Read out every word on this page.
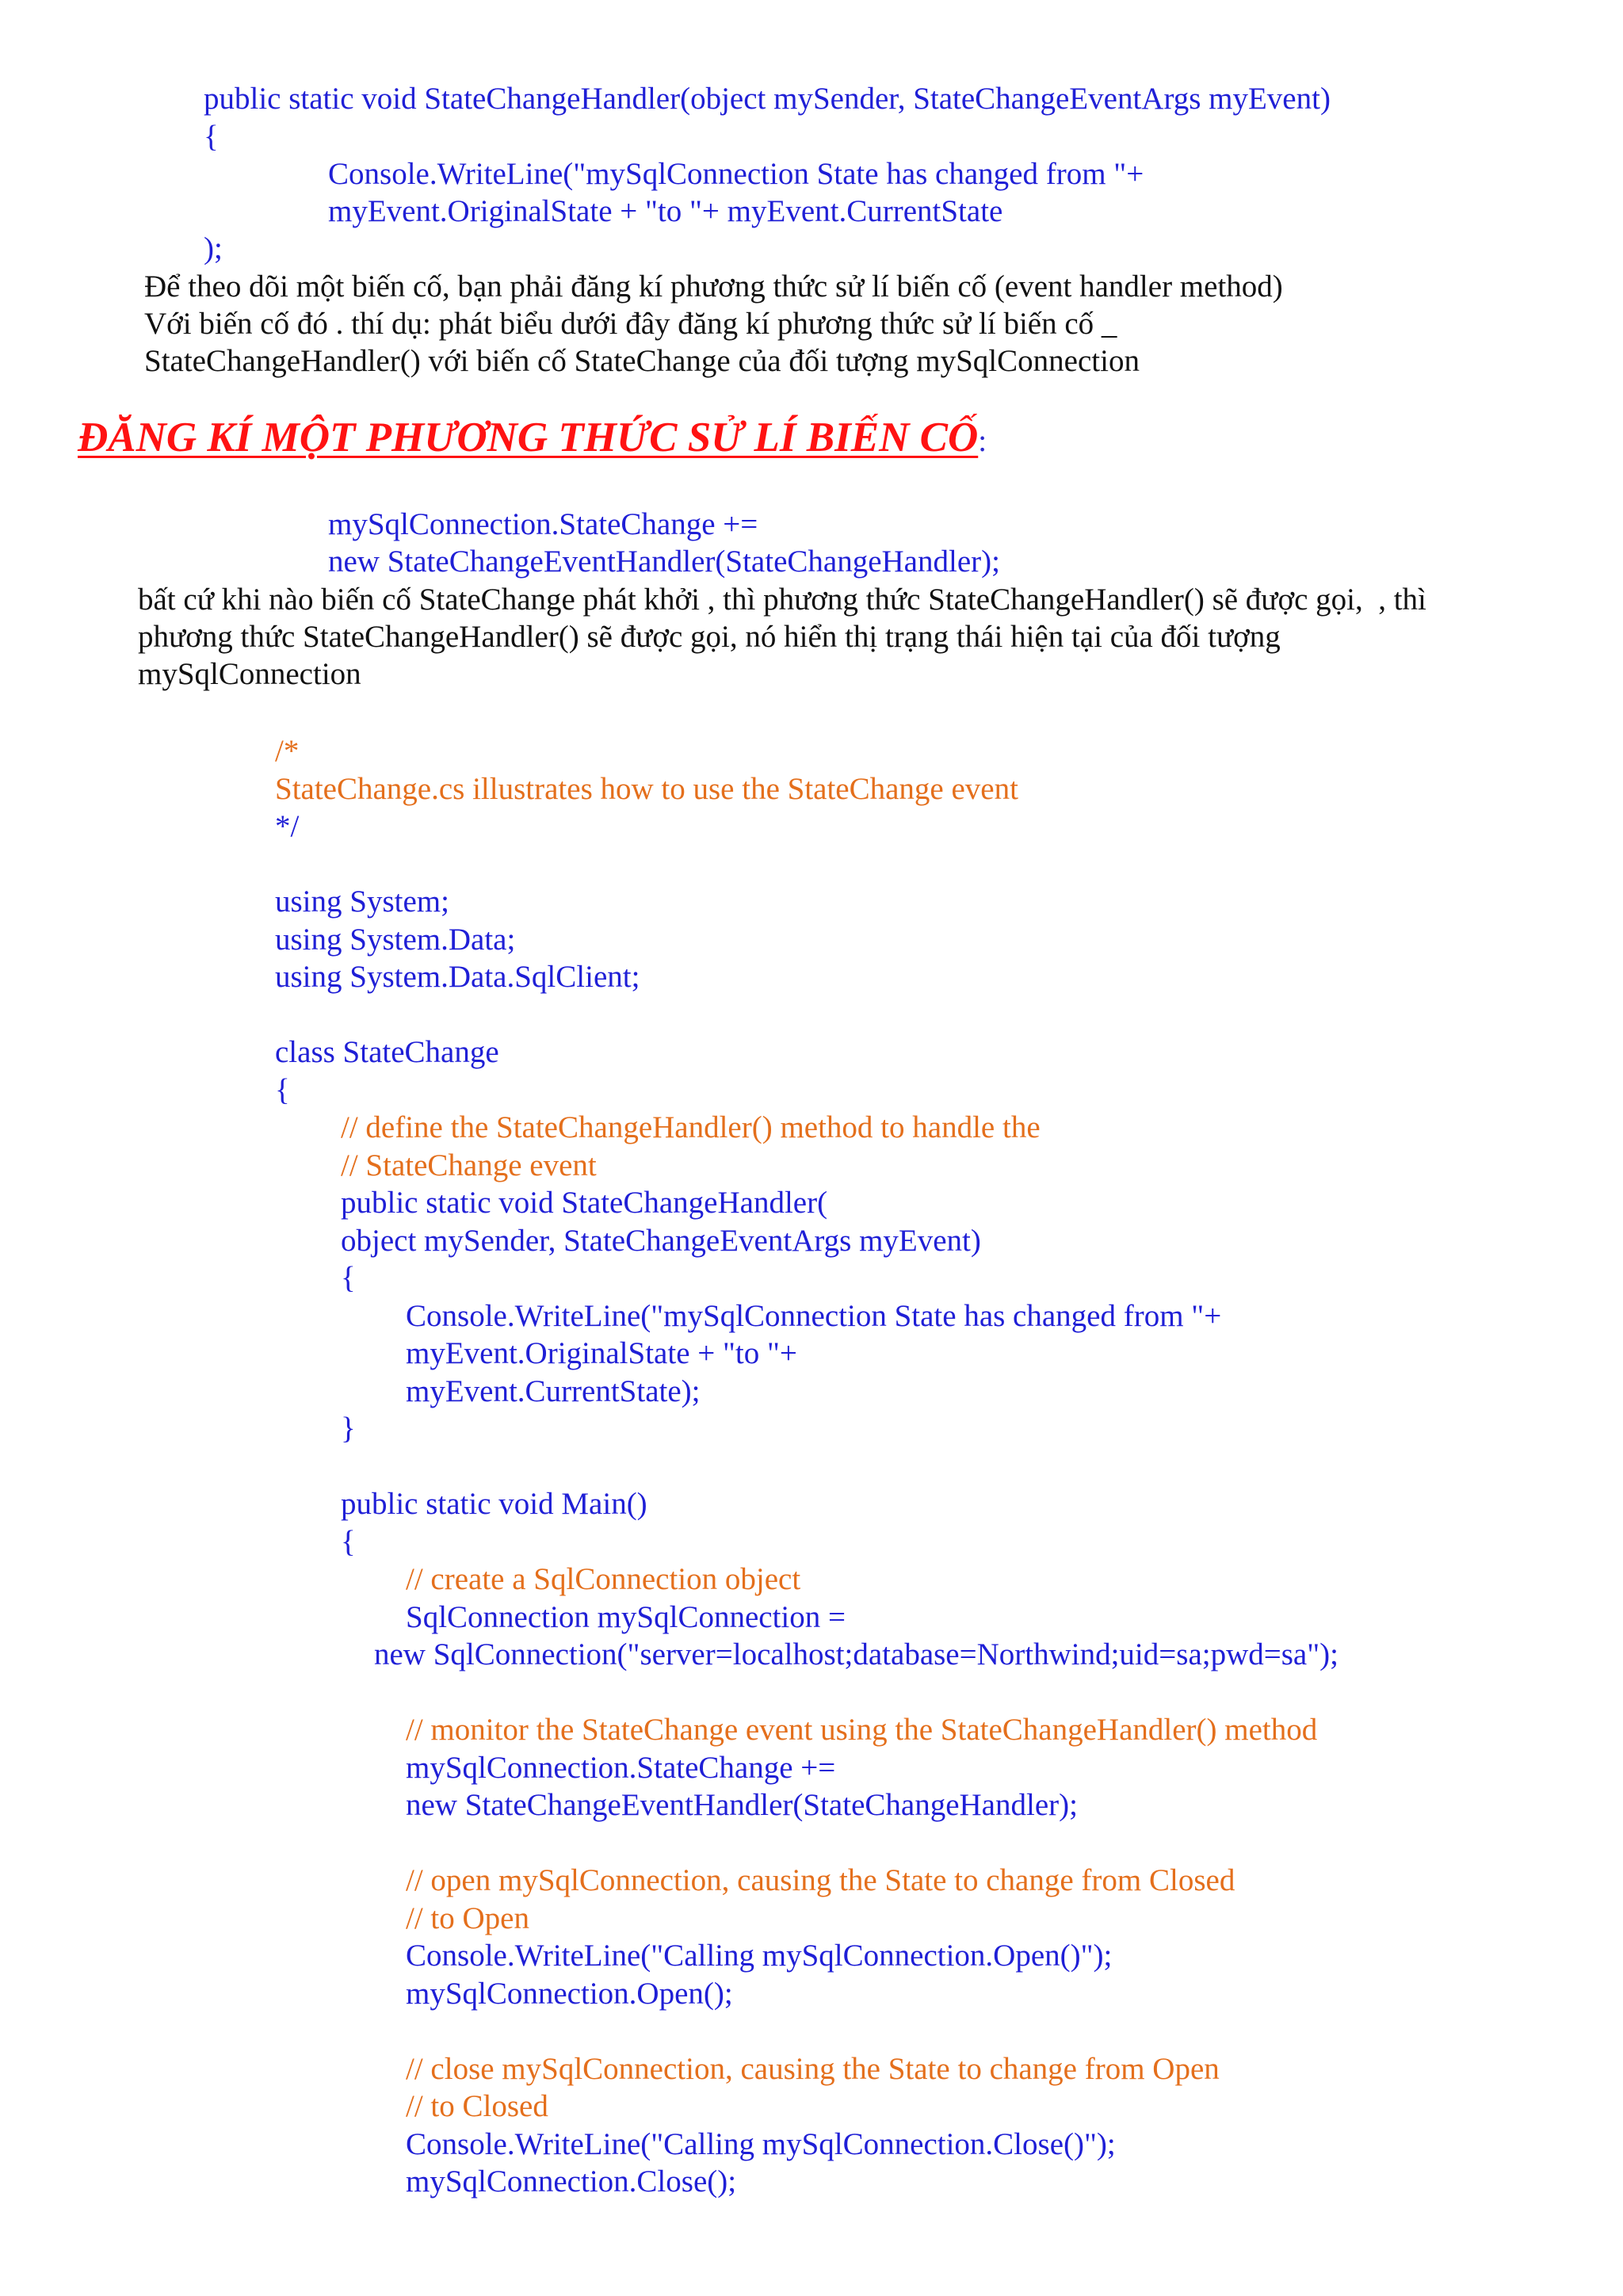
public static void StateChangeHandler(object mySender, StateChangeEventArgs myEvent)
{
Console.WriteLine("mySqlConnection State has changed from "+
myEvent.OriginalState + "to "+ myEvent.CurrentState
);
Để theo dõi một biến cố, bạn phải đăng kí phương thức sử lí biến cố (event handler method)
Với biến cố đó . thí dụ: phát biểu dưới đây đăng kí phương thức sử lí biến cố _
StateChangeHandler() với biến cố StateChange của đối tượng mySqlConnection
ĐĂNG KÍ MỘT PHƯƠNG THỨC SỬ LÍ BIẾN CỐ:
mySqlConnection.StateChange +=
new StateChangeEventHandler(StateChangeHandler);
bất cứ khi nào biến cố StateChange phát khởi , thì phương thức StateChangeHandler() sẽ được gọi,  , thì
phương thức StateChangeHandler() sẽ được gọi, nó hiển thị trạng thái hiện tại của đối tượng
mySqlConnection
/*
StateChange.cs illustrates how to use the StateChange event
*/
using System;
using System.Data;
using System.Data.SqlClient;
class StateChange
{
// define the StateChangeHandler() method to handle the
// StateChange event
public static void StateChangeHandler(
object mySender, StateChangeEventArgs myEvent)
{
Console.WriteLine("mySqlConnection State has changed from "+
myEvent.OriginalState + "to "+
myEvent.CurrentState);
}
public static void Main()
{
// create a SqlConnection object
SqlConnection mySqlConnection =
new SqlConnection("server=localhost;database=Northwind;uid=sa;pwd=sa");
// monitor the StateChange event using the StateChangeHandler() method
mySqlConnection.StateChange +=
new StateChangeEventHandler(StateChangeHandler);
// open mySqlConnection, causing the State to change from Closed
// to Open
Console.WriteLine("Calling mySqlConnection.Open()");
mySqlConnection.Open();
// close mySqlConnection, causing the State to change from Open
// to Closed
Console.WriteLine("Calling mySqlConnection.Close()");
mySqlConnection.Close();
